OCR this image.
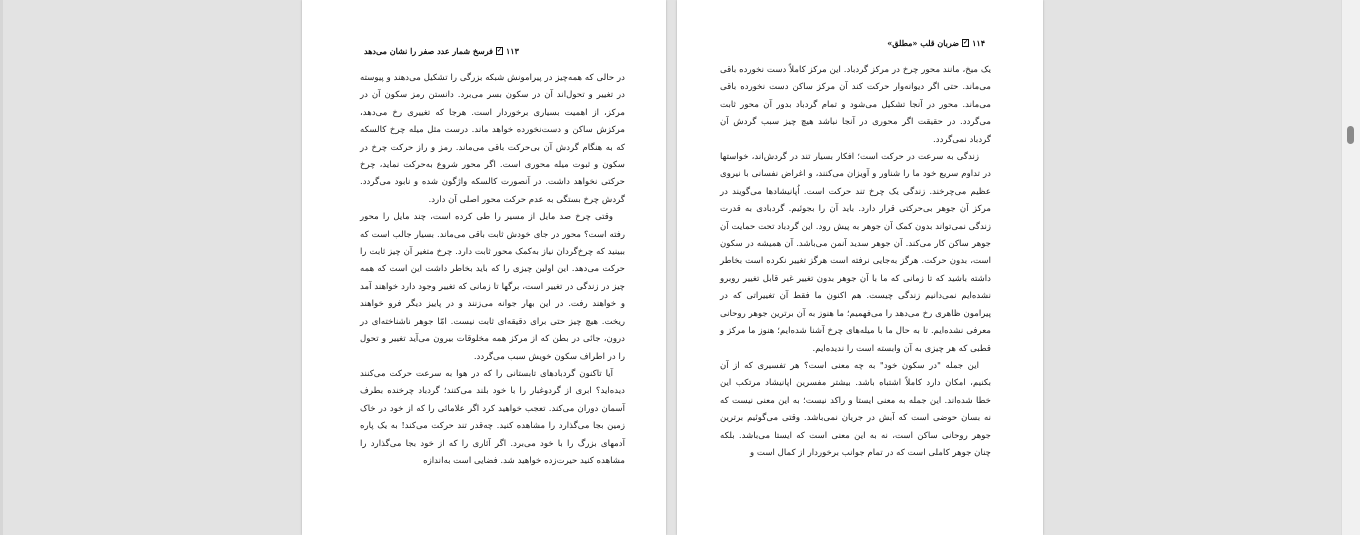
۱۱۳
✓
فرسخ شمار عدد صفر را نشان می‌دهد

در حالی که همه‌چیز در پیرامونش شبکه بزرگی را تشکیل می‌دهند و پیوسته در تغییر و تحول‌اند آن در سکون بسر می‌برد. دانستن رمز سکون آن در مرکز، از اهمیت بسیاری برخوردار است. هرجا که تغییری رخ می‌دهد، مرکزش ساکن و دست‌نخورده خواهد ماند. درست مثل میله چرخ کالسکه که به هنگام گردش آن بی‌حرکت باقی می‌ماند. رمز و راز حرکت چرخ در سکون و ثبوت میله محوری است. اگر محور شروع به‌حرکت نماید، چرخ حرکتی نخواهد داشت. در آنصورت کالسکه واژگون شده و نابود می‌گردد. گردش چرخ بستگی به عدم حرکت محور اصلی آن دارد.

وقتی چرخ صد مایل از مسیر را طی کرده است، چند مایل را محور رفته است؟ محور در جای خودش ثابت باقی می‌ماند. بسیار جالب است که ببینید که چرخ‌گردان نیاز به‌کمک محور ثابت دارد. چرخ متغیر آن چیز ثابت را حرکت می‌دهد. این اولین چیزی را که باید بخاطر داشت این است که همه چیز در زندگی در تغییر است، برگها تا زمانی که تغییر وجود دارد خواهند آمد و خواهند رفت. در این بهار جوانه می‌زنند و در پاییز دیگر فرو خواهند ریخت. هیچ چیز حتی برای دقیقه‌ای ثابت نیست. امّا جوهر ناشناخته‌ای در درون، جائی در بطن که از مرکز همه مخلوقات بیرون می‌آید تغییر و تحول را در اطراف سکون خویش سبب می‌گردد.

آیا تاکنون گردبادهای تابستانی را که در هوا به سرعت حرکت می‌کنند دیده‌اید؟ ابری از گرد‌وغبار را با خود بلند می‌کنند؛ گردباد چرخنده بطرف آسمان دوران می‌کند. تعجب خواهید کرد اگر علامائی را که از خود در خاک زمین بجا می‌گذارد را مشاهده کنید. چه‌قدر تند حرکت می‌کند! به یک پاره آدمهای بزرگ را با خود می‌برد. اگر آثاری را که از خود بجا می‌گذارد را مشاهده کنید حیرت‌زده خواهید شد. فضایی است به‌اندازه

۱۱۴
✓
ضربان قلب «مطلق»

یک میخ، مانند محور چرخ در مرکز گردباد. این مرکز کاملاً دست نخورده باقی می‌ماند. حتی اگر دیوانه‌وار حرکت کند آن مرکز ساکن دست نخورده باقی می‌ماند. محور در آنجا تشکیل می‌شود و تمام گردباد بدور آن محور ثابت می‌گردد. در حقیقت اگر محوری در آنجا نباشد هیچ چیز سبب گردش آن گردباد نمی‌گردد.

زندگی به سرعت در حرکت است؛ افکار بسیار تند در گردش‌اند، خواستها در تداوم سریع خود ما را شناور و آویزان می‌کنند، و اغراض نفسانی با نیروی عظیم می‌چرخند. زندگی یک چرخ تند حرکت است. اُپانیشادها می‌گویند در مرکز آن جوهر بی‌حرکتی قرار دارد. باید آن را بجوئیم. گردبادی به قدرت زندگی نمی‌تواند بدون کمک آن جوهر به پیش رود. این گردباد تحت حمایت آن جوهر ساکن کار می‌کند. آن جوهر سدید آنمن می‌باشد. آن همیشه در سکون است، بدون حرکت. هرگز به‌جایی نرفته است هرگز تغییر نکرده است بخاطر داشته باشید که تا زمانی که ما با آن جوهر بدون تغییر غیر قابل تغییر روبرو نشده‌ایم نمی‌دانیم زندگی چیست. هم اکنون ما فقط آن تغییراتی که در پیرامون ظاهری رخ می‌دهد را می‌فهمیم؛ ما هنوز به آن برترین جوهر روحانی معرفی نشده‌ایم. تا به حال ما با میله‌های چرخ آشنا شده‌ایم؛ هنوز ما مرکز و قطبی که هر چیزی به آن وابسته است را ندیده‌ایم.

این جمله "در سکون خود" به چه معنی است؟ هر تفسیری که از آن بکنیم، امکان دارد کاملاً اشتباه باشد. بیشتر مفسرین اپانیشاد مرتکب این خطا شده‌اند. این جمله به معنی ایستا و راکد نیست؛ به این معنی نیست که نه بسان حوضی است که آبش در جریان نمی‌باشد. وقتی می‌گوئیم برترین جوهر روحانی ساکن است، نه به این معنی است که ایستا می‌باشد. بلکه چنان جوهر کاملی است که در تمام جوانب برخوردار از کمال است و
